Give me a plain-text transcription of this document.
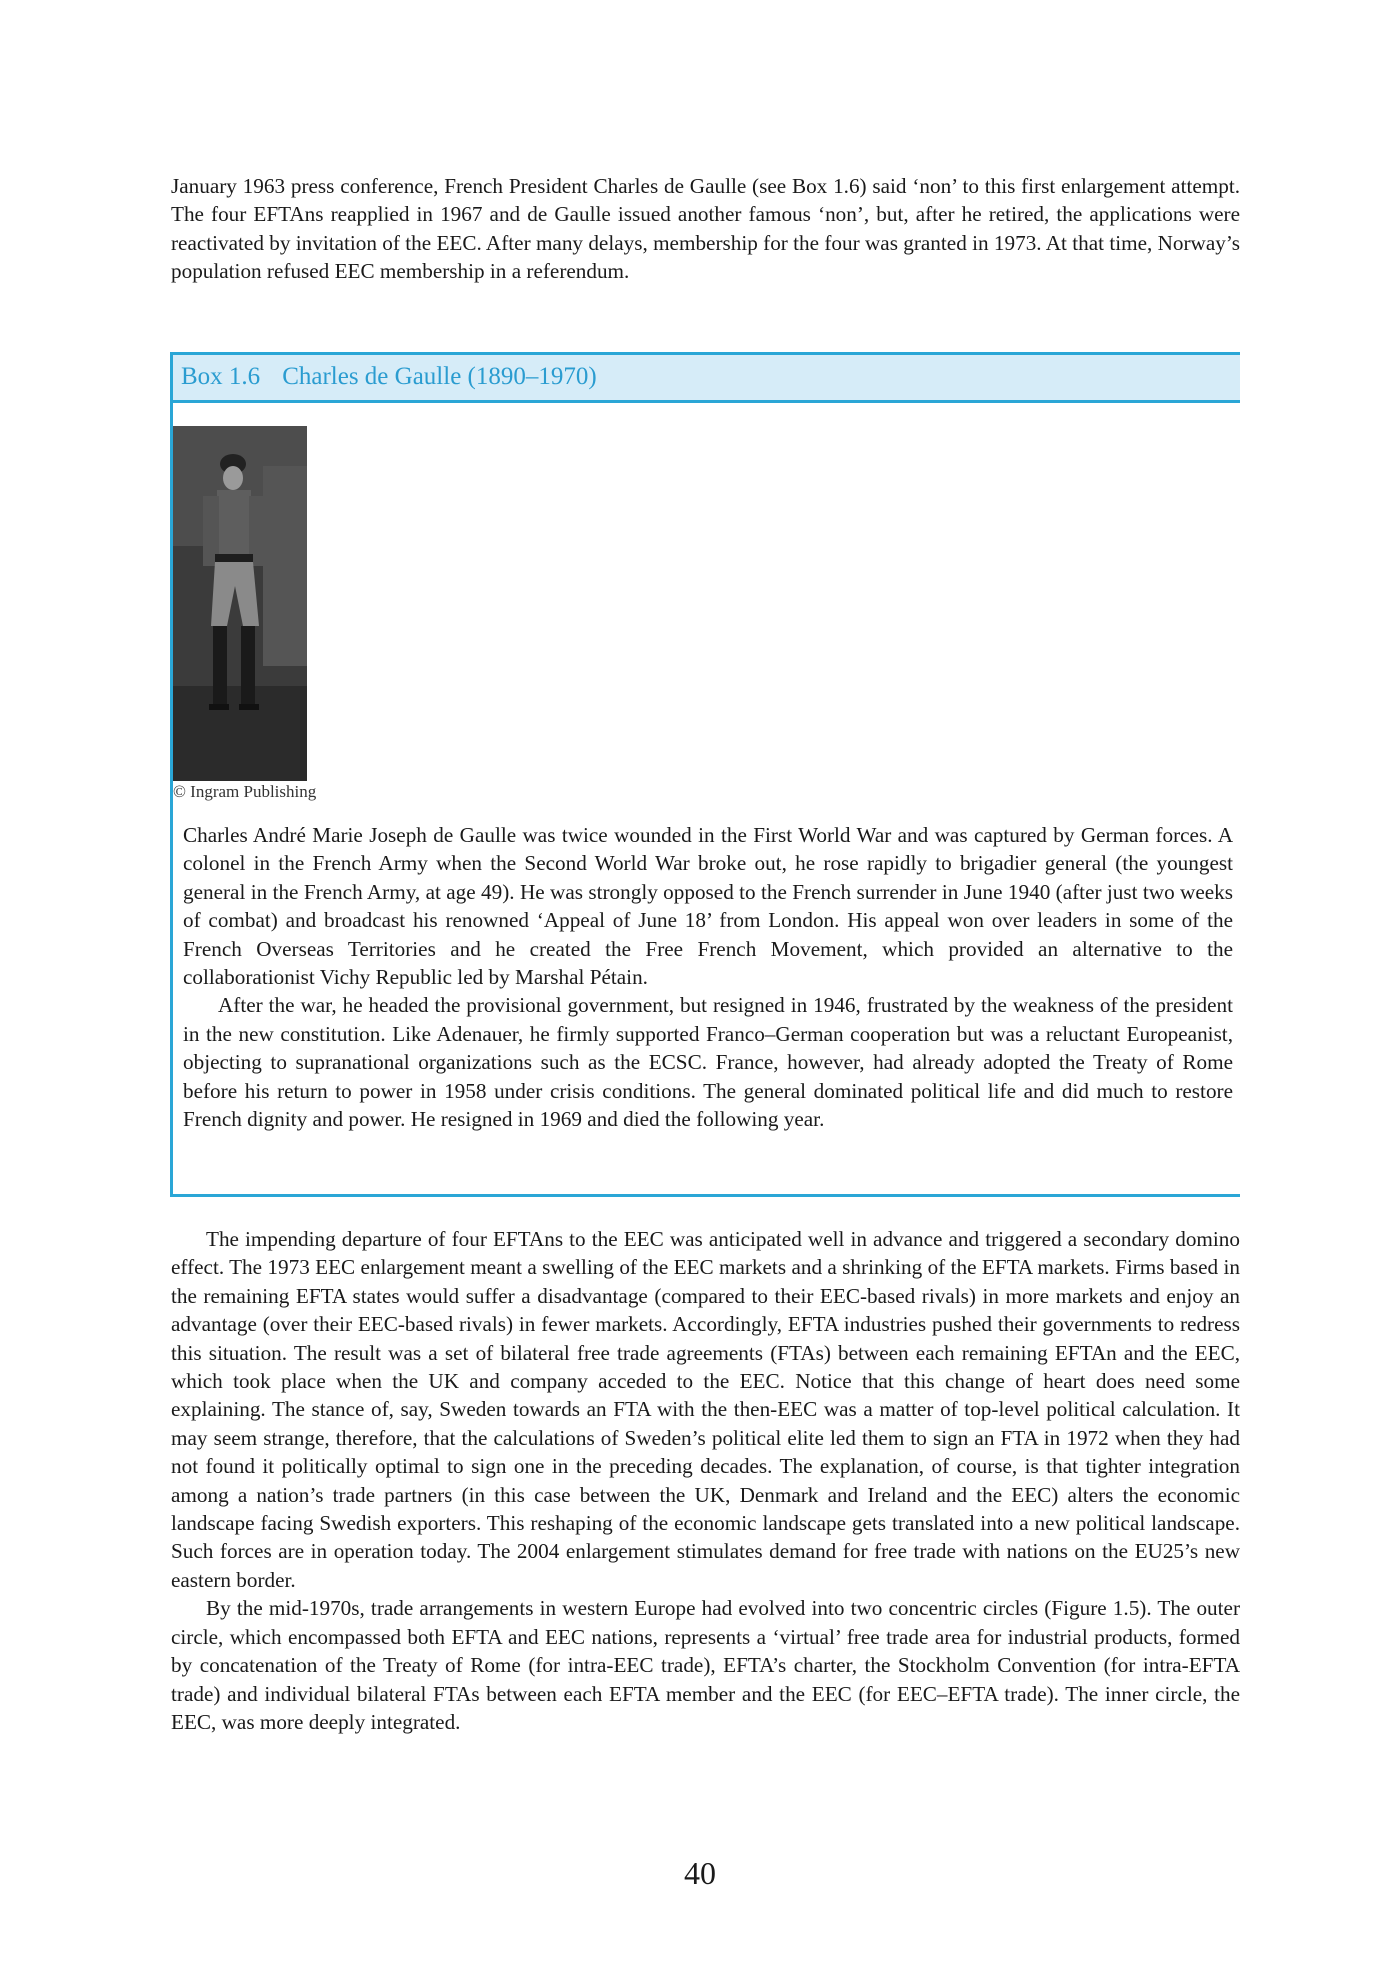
January 1963 press conference, French President Charles de Gaulle (see Box 1.6) said ‘non’ to this first enlargement attempt. The four EFTAns reapplied in 1967 and de Gaulle issued another famous ‘non’, but, after he retired, the applications were reactivated by invitation of the EEC. After many delays, membership for the four was granted in 1973. At that time, Norway’s population refused EEC membership in a referendum.

Box 1.6 Charles de Gaulle (1890–1970)
© Ingram Publishing

Charles André Marie Joseph de Gaulle was twice wounded in the First World War and was captured by German forces. A colonel in the French Army when the Second World War broke out, he rose rapidly to brigadier general (the youngest general in the French Army, at age 49). He was strongly opposed to the French surrender in June 1940 (after just two weeks of combat) and broadcast his renowned ‘Appeal of June 18’ from London. His appeal won over leaders in some of the French Overseas Territories and he created the Free French Movement, which provided an alternative to the collaborationist Vichy Republic led by Marshal Pétain.

After the war, he headed the provisional government, but resigned in 1946, frustrated by the weakness of the president in the new constitution. Like Adenauer, he firmly supported Franco–German cooperation but was a reluctant Europeanist, objecting to supranational organizations such as the ECSC. France, however, had already adopted the Treaty of Rome before his return to power in 1958 under crisis conditions. The general dominated political life and did much to restore French dignity and power. He resigned in 1969 and died the following year.

The impending departure of four EFTAns to the EEC was anticipated well in advance and triggered a secondary domino effect. The 1973 EEC enlargement meant a swelling of the EEC markets and a shrinking of the EFTA markets. Firms based in the remaining EFTA states would suffer a disadvantage (compared to their EEC-based rivals) in more markets and enjoy an advantage (over their EEC-based rivals) in fewer markets. Accordingly, EFTA industries pushed their governments to redress this situation. The result was a set of bilateral free trade agreements (FTAs) between each remaining EFTAn and the EEC, which took place when the UK and company acceded to the EEC. Notice that this change of heart does need some explaining. The stance of, say, Sweden towards an FTA with the then-EEC was a matter of top-level political calculation. It may seem strange, therefore, that the calculations of Sweden’s political elite led them to sign an FTA in 1972 when they had not found it politically optimal to sign one in the preceding decades. The explanation, of course, is that tighter integration among a nation’s trade partners (in this case between the UK, Denmark and Ireland and the EEC) alters the economic landscape facing Swedish exporters. This reshaping of the economic landscape gets translated into a new political landscape. Such forces are in operation today. The 2004 enlargement stimulates demand for free trade with nations on the EU25’s new eastern border.

By the mid-1970s, trade arrangements in western Europe had evolved into two concentric circles (Figure 1.5). The outer circle, which encompassed both EFTA and EEC nations, represents a ‘virtual’ free trade area for industrial products, formed by concatenation of the Treaty of Rome (for intra-EEC trade), EFTA’s charter, the Stockholm Convention (for intra-EFTA trade) and individual bilateral FTAs between each EFTA member and the EEC (for EEC–EFTA trade). The inner circle, the EEC, was more deeply integrated.

40
